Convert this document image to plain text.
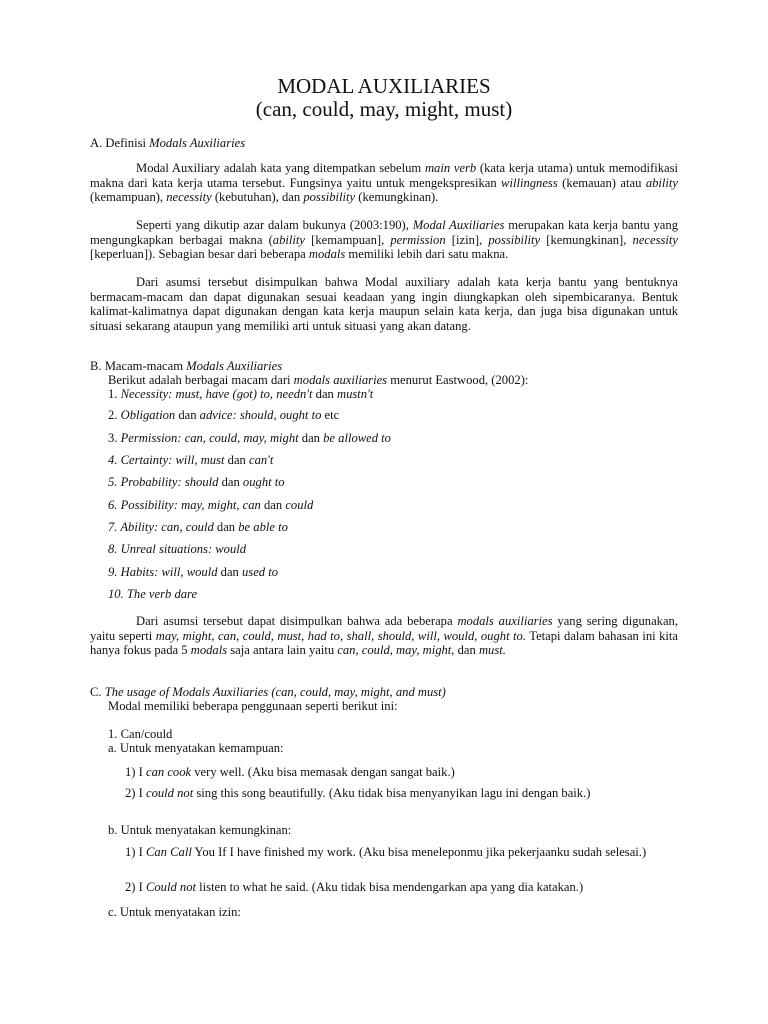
MODAL AUXILIARIES
(can, could, may, might, must)
A. Definisi Modals Auxiliaries
Modal Auxiliary adalah kata yang ditempatkan sebelum main verb (kata kerja utama) untuk memodifikasi makna dari kata kerja utama tersebut. Fungsinya yaitu untuk mengekspresikan willingness (kemauan) atau ability (kemampuan), necessity (kebutuhan), dan possibility (kemungkinan).
Seperti yang dikutip azar dalam bukunya (2003:190), Modal Auxiliaries merupakan kata kerja bantu yang mengungkapkan berbagai makna (ability [kemampuan], permission [izin], possibility [kemungkinan], necessity [keperluan]). Sebagian besar dari beberapa modals memiliki lebih dari satu makna.
Dari asumsi tersebut disimpulkan bahwa Modal auxiliary adalah kata kerja bantu yang bentuknya bermacam-macam dan dapat digunakan sesuai keadaan yang ingin diungkapkan oleh sipembicaranya. Bentuk kalimat-kalimatnya dapat digunakan dengan kata kerja maupun selain kata kerja, dan juga bisa digunakan untuk situasi sekarang ataupun yang memiliki arti untuk situasi yang akan datang.
B. Macam-macam Modals Auxiliaries
Berikut adalah berbagai macam dari modals auxiliaries menurut Eastwood, (2002):
1. Necessity: must, have (got) to, needn't dan mustn't
2. Obligation dan advice: should, ought to etc
3. Permission: can, could, may, might dan be allowed to
4. Certainty: will, must dan can't
5. Probability: should dan ought to
6. Possibility: may, might, can dan could
7. Ability: can, could dan be able to
8. Unreal situations: would
9. Habits: will, would dan used to
10. The verb dare
Dari asumsi tersebut dapat disimpulkan bahwa ada beberapa modals auxiliaries yang sering digunakan, yaitu seperti may, might, can, could, must, had to, shall, should, will, would, ought to. Tetapi dalam bahasan ini kita hanya fokus pada 5 modals saja antara lain yaitu can, could, may, might, dan must.
C. The usage of Modals Auxiliaries (can, could, may, might, and must)
Modal memiliki beberapa penggunaan seperti berikut ini:
1. Can/could
a. Untuk menyatakan kemampuan:
1) I can cook very well. (Aku bisa memasak dengan sangat baik.)
2) I could not sing this song beautifully. (Aku tidak bisa menyanyikan lagu ini dengan baik.)
b. Untuk menyatakan kemungkinan:
1) I Can Call You If I have finished my work. (Aku bisa meneleponmu jika pekerjaanku sudah selesai.)
2) I Could not listen to what he said. (Aku tidak bisa mendengarkan apa yang dia katakan.)
c. Untuk menyatakan izin:
